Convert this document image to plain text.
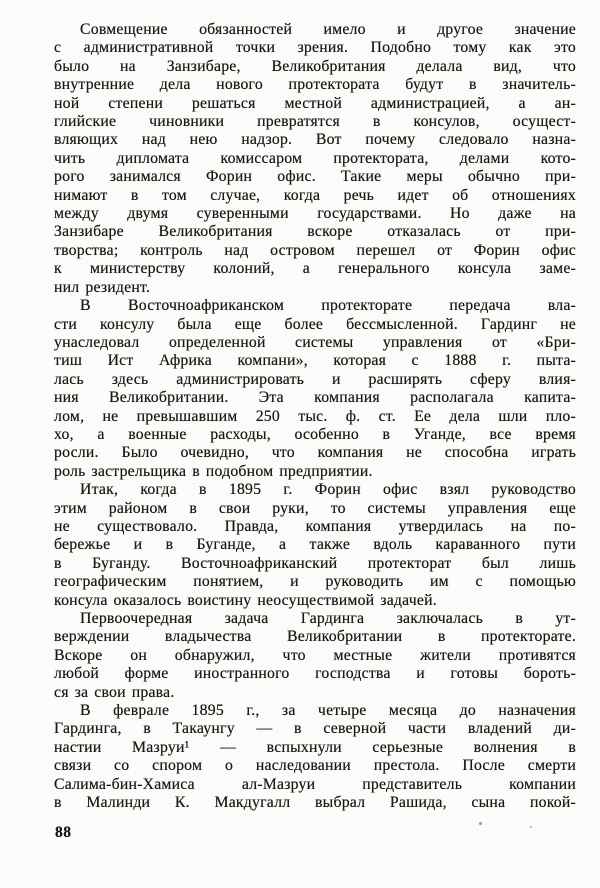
Совмещение обязанностей имело и другое значение
с административной точки зрения. Подобно тому как это
было на Занзибаре, Великобритания делала вид, что
внутренние дела нового протектората будут в значитель-
ной степени решаться местной администрацией, а ан-
глийские чиновники превратятся в консулов, осущест-
вляющих над нею надзор. Вот почему следовало назна-
чить дипломата комиссаром протектората, делами кото-
рого занимался Форин офис. Такие меры обычно при-
нимают в том случае, когда речь идет об отношениях
между двумя суверенными государствами. Но даже на
Занзибаре Великобритания вскоре отказалась от при-
творства; контроль над островом перешел от Форин офис
к министерству колоний, а генерального консула заме-
нил резидент.
В Восточноафриканском протекторате передача вла-
сти консулу была еще более бессмысленной. Гардинг не
унаследовал определенной системы управления от «Бри-
тиш Ист Африка компани», которая с 1888 г. пыта-
лась здесь администрировать и расширять сферу влия-
ния Великобритании. Эта компания располагала капита-
лом, не превышавшим 250 тыс. ф. ст. Ее дела шли пло-
хо, а военные расходы, особенно в Уганде, все время
росли. Было очевидно, что компания не способна играть
роль застрельщика в подобном предприятии.
Итак, когда в 1895 г. Форин офис взял руководство
этим районом в свои руки, то системы управления еще
не существовало. Правда, компания утвердилась на по-
бережье и в Буганде, а также вдоль караванного пути
в Буганду. Восточноафриканский протекторат был лишь
географическим понятием, и руководить им с помощью
консула оказалось воистину неосуществимой задачей.
Первоочередная задача Гардинга заключалась в ут-
верждении владычества Великобритании в протекторате.
Вскоре он обнаружил, что местные жители противятся
любой форме иностранного господства и готовы бороть-
ся за свои права.
В феврале 1895 г., за четыре месяца до назначения
Гардинга, в Такаунгу — в северной части владений ди-
настии Мазруи¹ — вспыхнули серьезные волнения в
связи со спором о наследовании престола. После смерти
Салима-бин-Хамиса ал-Мазруи представитель компании
в Малинди К. Макдугалл выбрал Рашида, сына покой-
88
